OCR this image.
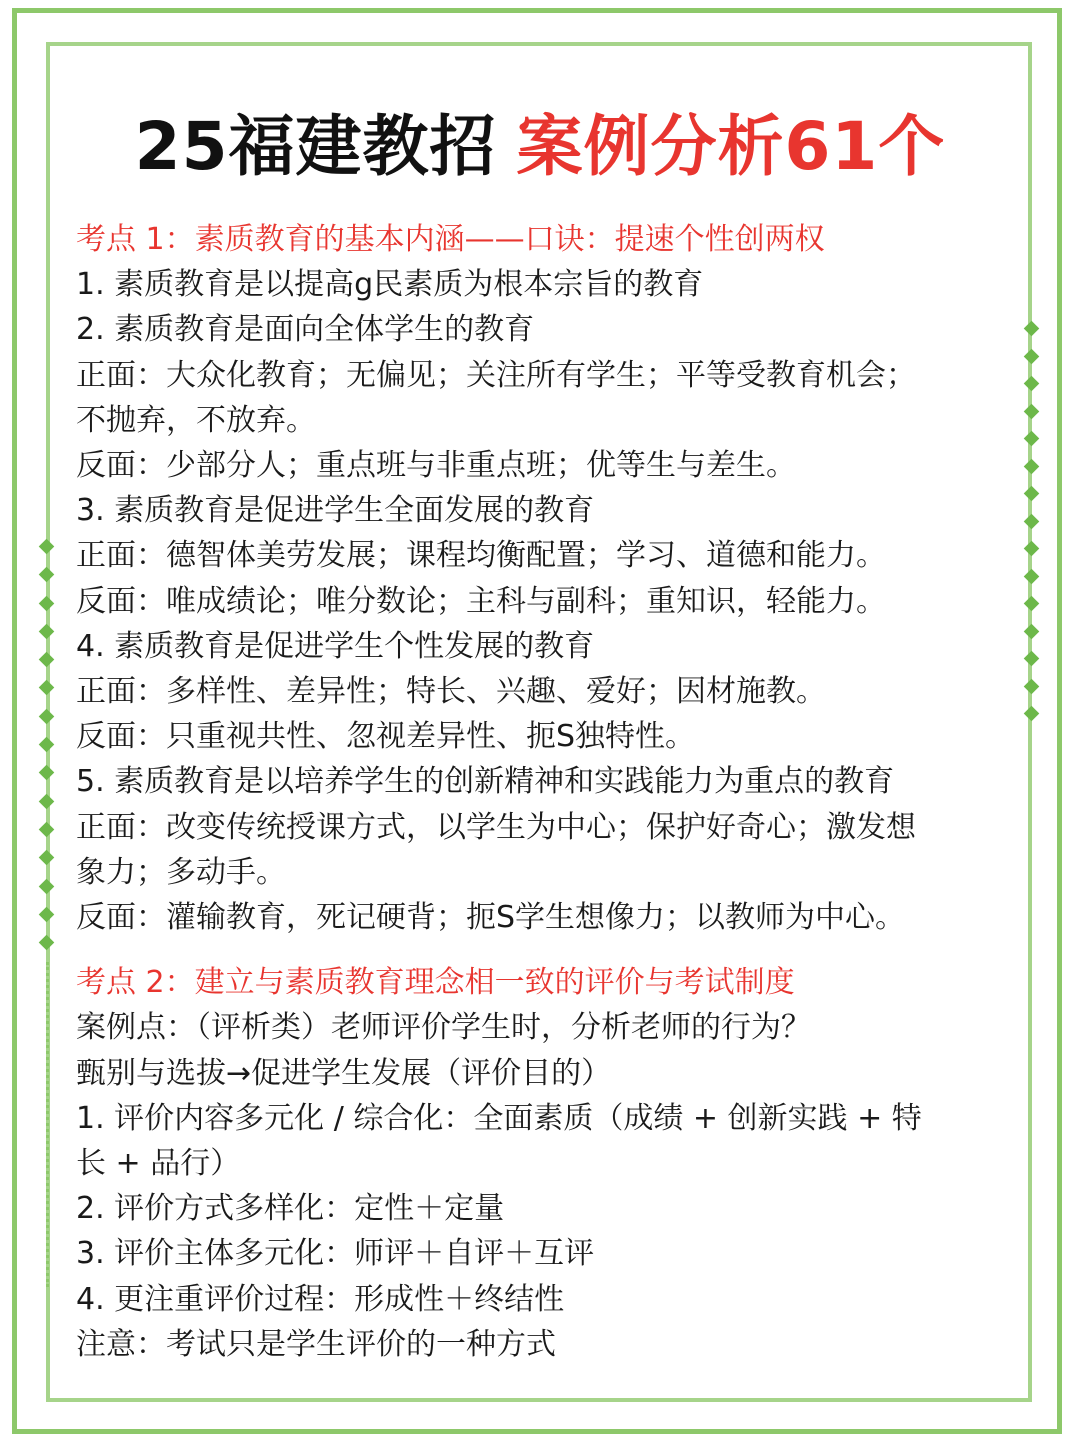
25福建教招 案例分析61个
考点 1：素质教育的基本内涵——口诀：提速个性创两权
1. 素质教育是以提高g民素质为根本宗旨的教育
2. 素质教育是面向全体学生的教育
正面：大众化教育；无偏见；关注所有学生；平等受教育机会；
不抛弃，不放弃。
反面：少部分人；重点班与非重点班；优等生与差生。
3. 素质教育是促进学生全面发展的教育
正面：德智体美劳发展；课程均衡配置；学习、道德和能力。
反面：唯成绩论；唯分数论；主科与副科；重知识，轻能力。
4. 素质教育是促进学生个性发展的教育
正面：多样性、差异性；特长、兴趣、爱好；因材施教。
反面：只重视共性、忽视差异性、扼S独特性。
5. 素质教育是以培养学生的创新精神和实践能力为重点的教育
正面：改变传统授课方式，以学生为中心；保护好奇心；激发想
象力；多动手。
反面：灌输教育，死记硬背；扼S学生想像力；以教师为中心。
考点 2：建立与素质教育理念相一致的评价与考试制度
案例点：（评析类）老师评价学生时，分析老师的行为？
甄别与选拔→促进学生发展（评价目的）
1. 评价内容多元化 / 综合化：全面素质（成绩 + 创新实践 + 特
长 + 品行）
2. 评价方式多样化：定性＋定量
3. 评价主体多元化：师评＋自评＋互评
4. 更注重评价过程：形成性＋终结性
注意：考试只是学生评价的一种方式
